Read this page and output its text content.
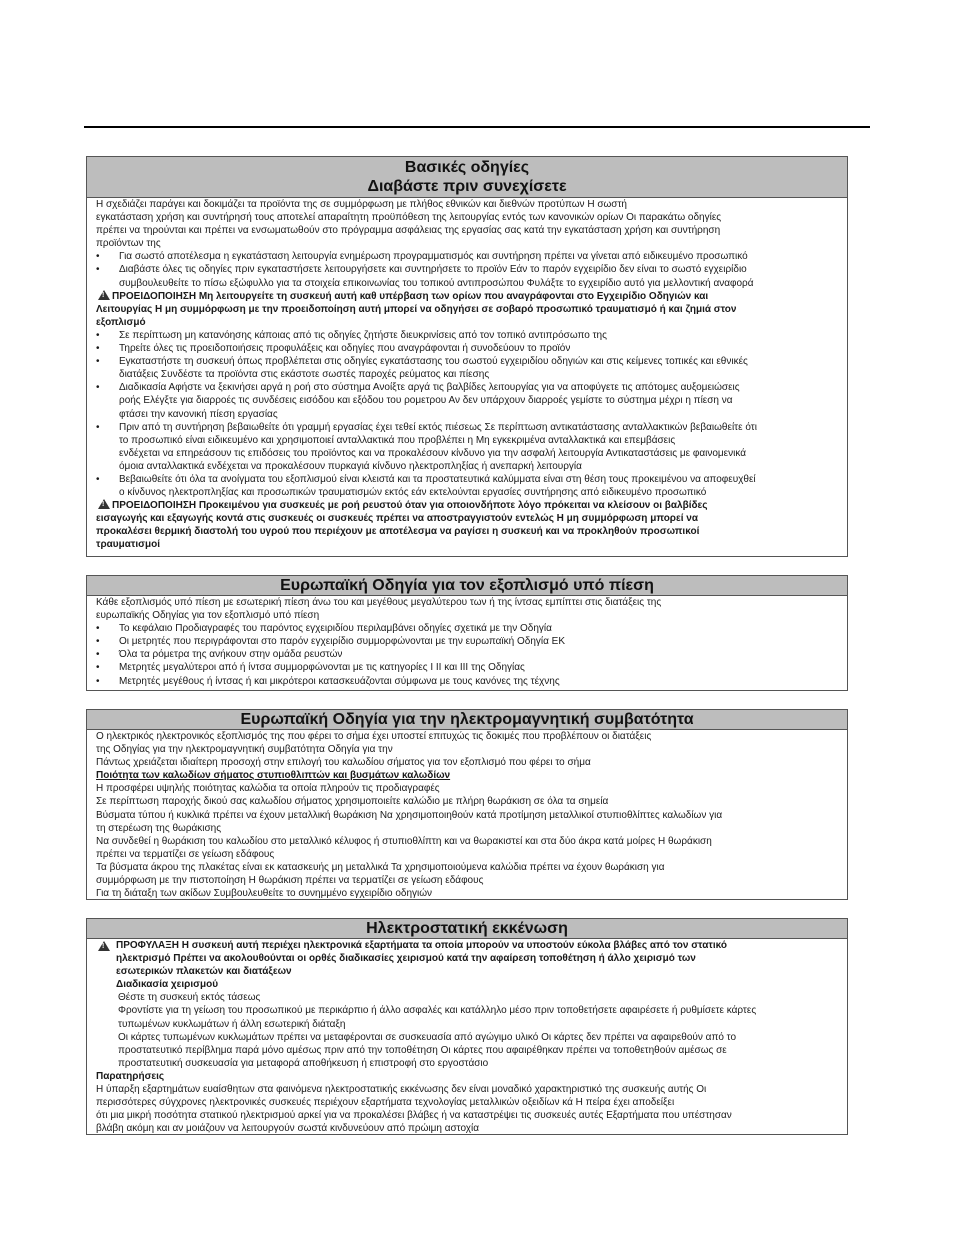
Βασικές οδηγίες
Διαβάστε πριν συνεχίσετε
Η σχεδιάζει παράγει και δοκιμάζει τα προϊόντα της σε συμμόρφωση με πλήθος εθνικών και διεθνών προτύπων Η σωστή
εγκατάσταση χρήση και συντήρησή τους αποτελεί απαραίτητη προϋπόθεση της λειτουργίας εντός των κανονικών ορίων Οι παρακάτω οδηγίες
πρέπει να τηρούνται και πρέπει να ενσωματωθούν στο πρόγραμμα ασφάλειας της εργασίας σας κατά την εγκατάσταση χρήση και συντήρηση
προϊόντων της
• Για σωστό αποτέλεσμα η εγκατάσταση λειτουργία ενημέρωση προγραμματισμός και συντήρηση πρέπει να γίνεται από ειδικευμένο προσωπικό
• Διαβάστε όλες τις οδηγίες πριν εγκαταστήσετε λειτουργήσετε και συντηρήσετε το προϊόν Εάν το παρόν εγχειρίδιο δεν είναι το σωστό εγχειρίδιο
συμβουλευθείτε το πίσω εξώφυλλο για τα στοιχεία επικοινωνίας του τοπικού αντιπροσώπου Φυλάξτε το εγχειρίδιο αυτό για μελλοντική αναφορά
!ΠΡΟΕΙΔΟΠΟΙΗΣΗ Μη λειτουργείτε τη συσκευή αυτή καθ υπέρβαση των ορίων που αναγράφονται στο Εγχειρίδιο Οδηγιών και
Λειτουργίας Η μη συμμόρφωση με την προειδοποίηση αυτή μπορεί να οδηγήσει σε σοβαρό προσωπικό τραυματισμό ή και ζημιά στον
εξοπλισμό
• Σε περίπτωση μη κατανόησης κάποιας από τις οδηγίες ζητήστε διευκρινίσεις από τον τοπικό αντιπρόσωπο της
• Τηρείτε όλες τις προειδοποιήσεις προφυλάξεις και οδηγίες που αναγράφονται ή συνοδεύουν το προϊόν
• Εγκαταστήστε τη συσκευή όπως προβλέπεται στις οδηγίες εγκατάστασης του σωστού εγχειριδίου οδηγιών και στις κείμενες τοπικές και εθνικές
διατάξεις Συνδέστε τα προϊόντα στις εκάστοτε σωστές παροχές ρεύματος και πίεσης
• Διαδικασία Αφήστε να ξεκινήσει αργά η ροή στο σύστημα Ανοίξτε αργά τις βαλβίδες λειτουργίας για να αποφύγετε τις απότομες αυξομειώσεις
ροής Ελέγξτε για διαρροές τις συνδέσεις εισόδου και εξόδου του ρομετρου Αν δεν υπάρχουν διαρροές γεμίστε το σύστημα μέχρι η πίεση να
φτάσει την κανονική πίεση εργασίας
• Πριν από τη συντήρηση βεβαιωθείτε ότι γραμμή εργασίας έχει τεθεί εκτός πιέσεως Σε περίπτωση αντικατάστασης ανταλλακτικών βεβαιωθείτε ότι
το προσωπικό είναι ειδικευμένο και χρησιμοποιεί ανταλλακτικά που προβλέπει η Μη εγκεκριμένα ανταλλακτικά και επεμβάσεις
ενδέχεται να επηρεάσουν τις επιδόσεις του προϊόντος και να προκαλέσουν κίνδυνο για την ασφαλή λειτουργία Αντικαταστάσεις με φαινομενικά
όμοια ανταλλακτικά ενδέχεται να προκαλέσουν πυρκαγιά κίνδυνο ηλεκτροπληξίας ή ανεπαρκή λειτουργία
• Βεβαιωθείτε ότι όλα τα ανοίγματα του εξοπλισμού είναι κλειστά και τα προστατευτικά καλύμματα είναι στη θέση τους προκειμένου να αποφευχθεί
ο κίνδυνος ηλεκτροπληξίας και προσωπικών τραυματισμών εκτός εάν εκτελούνται εργασίες συντήρησης από ειδικευμένο προσωπικό
!ΠΡΟΕΙΔΟΠΟΙΗΣΗ Προκειμένου για συσκευές με ροή ρευστού όταν για οποιονδήποτε λόγο πρόκειται να κλείσουν οι βαλβίδες
εισαγωγής και εξαγωγής κοντά στις συσκευές οι συσκευές πρέπει να αποστραγγιστούν εντελώς Η μη συμμόρφωση μπορεί να
προκαλέσει θερμική διαστολή του υγρού που περιέχουν με αποτέλεσμα να ραγίσει η συσκευή και να προκληθούν προσωπικοί
τραυματισμοί
Ευρωπαϊκή Οδηγία για τον εξοπλισμό υπό πίεση
Κάθε εξοπλισμός υπό πίεση με εσωτερική πίεση άνω του και μεγέθους μεγαλύτερου των ή της ίντσας εμπίπτει στις διατάξεις της
ευρωπαϊκής Οδηγίας για τον εξοπλισμό υπό πίεση
• Το κεφάλαιο Προδιαγραφές του παρόντος εγχειριδίου περιλαμβάνει οδηγίες σχετικά με την Οδηγία
• Οι μετρητές που περιγράφονται στο παρόν εγχειρίδιο συμμορφώνονται με την ευρωπαϊκή Οδηγία ΕΚ
• Όλα τα ρόμετρα της ανήκουν στην ομάδα ρευστών
• Μετρητές μεγαλύτεροι από ή ίντσα συμμορφώνονται με τις κατηγορίες I II και III της Οδηγίας
• Μετρητές μεγέθους ή ίντσας ή και μικρότεροι κατασκευάζονται σύμφωνα με τους κανόνες της τέχνης
Ευρωπαϊκή Οδηγία για την ηλεκτρομαγνητική συμβατότητα
Ο ηλεκτρικός ηλεκτρονικός εξοπλισμός της που φέρει το σήμα έχει υποστεί επιτυχώς τις δοκιμές που προβλέπουν οι διατάξεις
της Οδηγίας για την ηλεκτρομαγνητική συμβατότητα Οδηγία για την
Πάντως χρειάζεται ιδιαίτερη προσοχή στην επιλογή του καλωδίου σήματος για τον εξοπλισμό που φέρει το σήμα
Ποιότητα των καλωδίων σήματος στυπιοθλιπτών και βυσμάτων καλωδίων
Η προσφέρει υψηλής ποιότητας καλώδια τα οποία πληρούν τις προδιαγραφές
Σε περίπτωση παροχής δικού σας καλωδίου σήματος χρησιμοποιείτε καλώδιο με πλήρη θωράκιση σε όλα τα σημεία
Βύσματα τύπου ή κυκλικά πρέπει να έχουν μεταλλική θωράκιση Να χρησιμοποιηθούν κατά προτίμηση μεταλλικοί στυπιοθλίπτες καλωδίων για
τη στερέωση της θωράκισης
Να συνδεθεί η θωράκιση του καλωδίου στο μεταλλικό κέλυφος ή στυπιοθλίπτη και να θωρακιστεί και στα δύο άκρα κατά μοίρες Η θωράκιση
πρέπει να τερματίζει σε γείωση εδάφους
Τα βύσματα άκρου της πλακέτας είναι εκ κατασκευής μη μεταλλικά Τα χρησιμοποιούμενα καλώδια πρέπει να έχουν θωράκιση για
συμμόρφωση με την πιστοποίηση Η θωράκιση πρέπει να τερματίζει σε γείωση εδάφους
Για τη διάταξη των ακίδων Συμβουλευθείτε το συνημμένο εγχειρίδιο οδηγιών
Ηλεκτροστατική εκκένωση
!
ΠΡΟΦΥΛΑΞΗ Η συσκευή αυτή περιέχει ηλεκτρονικά εξαρτήματα τα οποία μπορούν να υποστούν εύκολα βλάβες από τον στατικό
ηλεκτρισμό Πρέπει να ακολουθούνται οι ορθές διαδικασίες χειρισμού κατά την αφαίρεση τοποθέτηση ή άλλο χειρισμό των
εσωτερικών πλακετών και διατάξεων
Διαδικασία χειρισμού
Θέστε τη συσκευή εκτός τάσεως
Φροντίστε για τη γείωση του προσωπικού με περικάρπιο ή άλλο ασφαλές και κατάλληλο μέσο πριν τοποθετήσετε αφαιρέσετε ή ρυθμίσετε κάρτες
τυπωμένων κυκλωμάτων ή άλλη εσωτερική διάταξη
Οι κάρτες τυπωμένων κυκλωμάτων πρέπει να μεταφέρονται σε συσκευασία από αγώγιμο υλικό Οι κάρτες δεν πρέπει να αφαιρεθούν από το
προστατευτικό περίβλημα παρά μόνο αμέσως πριν από την τοποθέτηση Οι κάρτες που αφαιρέθηκαν πρέπει να τοποθετηθούν αμέσως σε
προστατευτική συσκευασία για μεταφορά αποθήκευση ή επιστροφή στο εργοστάσιο
Παρατηρήσεις
Η ύπαρξη εξαρτημάτων ευαίσθητων στα φαινόμενα ηλεκτροστατικής εκκένωσης δεν είναι μοναδικό χαρακτηριστικό της συσκευής αυτής Οι
περισσότερες σύγχρονες ηλεκτρονικές συσκευές περιέχουν εξαρτήματα τεχνολογίας μεταλλικών οξειδίων κά Η πείρα έχει αποδείξει
ότι μια μικρή ποσότητα στατικού ηλεκτρισμού αρκεί για να προκαλέσει βλάβες ή να καταστρέψει τις συσκευές αυτές Εξαρτήματα που υπέστησαν
βλάβη ακόμη και αν μοιάζουν να λειτουργούν σωστά κινδυνεύουν από πρώιμη αστοχία
